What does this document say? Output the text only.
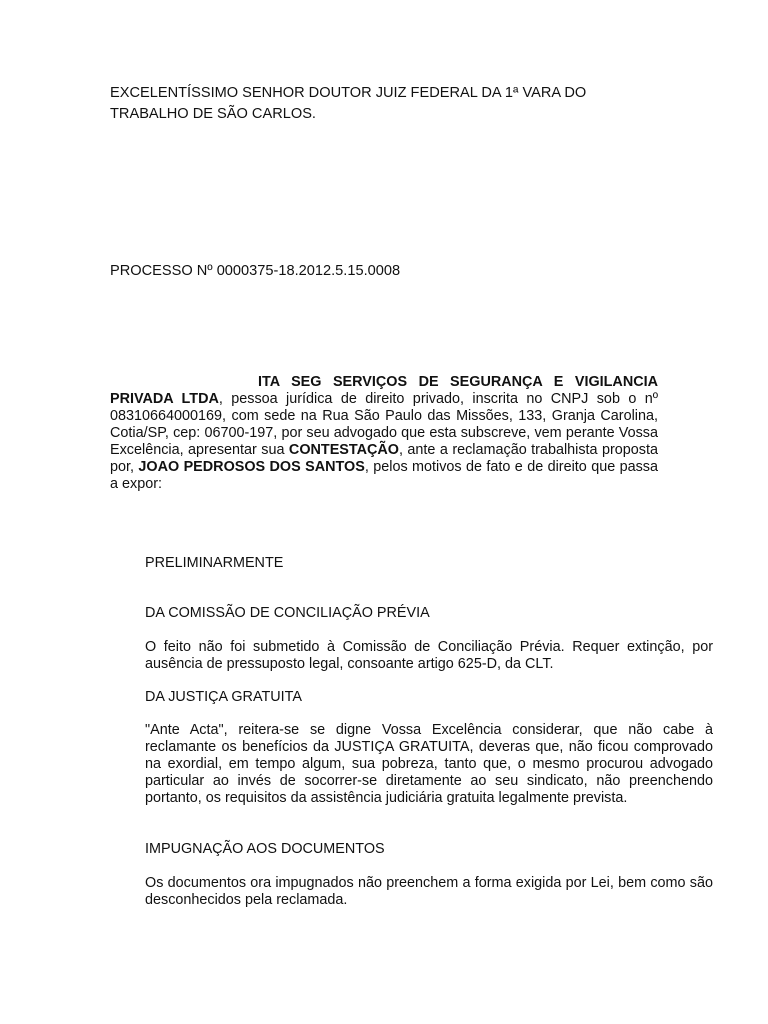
EXCELENTÍSSIMO SENHOR DOUTOR JUIZ FEDERAL DA 1ª VARA DO TRABALHO DE SÃO CARLOS.
PROCESSO Nº 0000375-18.2012.5.15.0008
ITA SEG SERVIÇOS DE SEGURANÇA E VIGILANCIA PRIVADA LTDA, pessoa jurídica de direito privado, inscrita no CNPJ sob o nº 08310664000169, com sede na Rua São Paulo das Missões, 133, Granja Carolina, Cotia/SP, cep: 06700-197, por seu advogado que esta subscreve, vem perante Vossa Excelência, apresentar sua CONTESTAÇÃO, ante a reclamação trabalhista proposta por, JOAO PEDROSOS DOS SANTOS, pelos motivos de fato e de direito que passa a expor:
PRELIMINARMENTE
DA COMISSÃO DE CONCILIAÇÃO PRÉVIA
O feito não foi submetido à Comissão de Conciliação Prévia. Requer extinção, por ausência de pressuposto legal, consoante artigo 625-D, da CLT.
DA JUSTIÇA GRATUITA
"Ante Acta", reitera-se se digne Vossa Excelência considerar, que não cabe à reclamante os benefícios da JUSTIÇA GRATUITA, deveras que, não ficou comprovado na exordial, em tempo algum, sua pobreza, tanto que, o mesmo procurou advogado particular ao invés de socorrer-se diretamente ao seu sindicato, não preenchendo portanto, os requisitos da assistência judiciária gratuita legalmente prevista.
IMPUGNAÇÃO AOS DOCUMENTOS
Os documentos ora impugnados não preenchem a forma exigida por Lei, bem como são desconhecidos pela reclamada.
